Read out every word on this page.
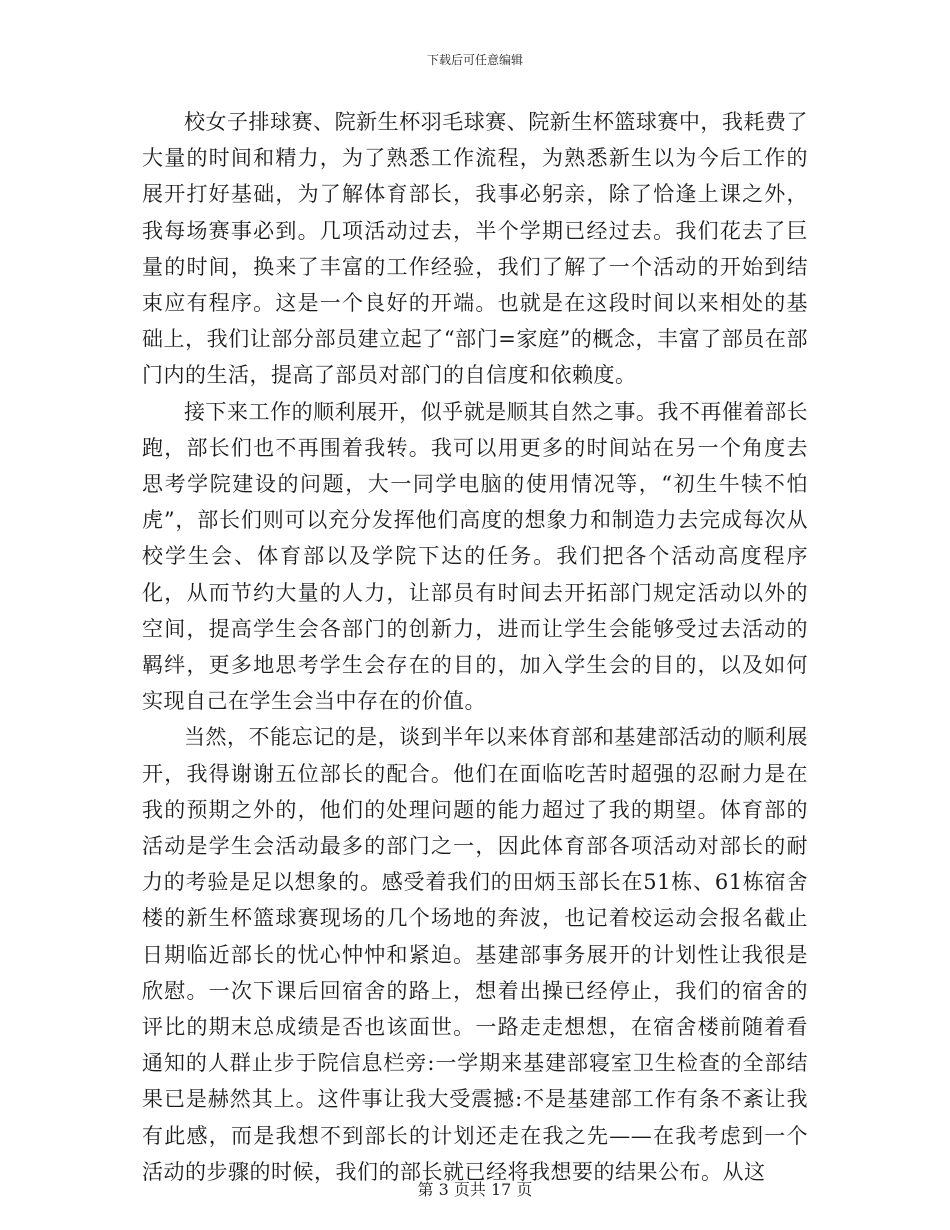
下载后可任意编辑

校女子排球赛、院新生杯羽毛球赛、院新生杯篮球赛中，我耗费了大量的时间和精力，为了熟悉工作流程，为熟悉新生以为今后工作的展开打好基础，为了解体育部长，我事必躬亲，除了恰逢上课之外，我每场赛事必到。几项活动过去，半个学期已经过去。我们花去了巨量的时间，换来了丰富的工作经验，我们了解了一个活动的开始到结束应有程序。这是一个良好的开端。也就是在这段时间以来相处的基础上，我们让部分部员建立起了“部门=家庭”的概念，丰富了部员在部门内的生活，提高了部员对部门的自信度和依赖度。

接下来工作的顺利展开，似乎就是顺其自然之事。我不再催着部长跑，部长们也不再围着我转。我可以用更多的时间站在另一个角度去思考学院建设的问题，大一同学电脑的使用情况等，“初生牛犊不怕虎”，部长们则可以充分发挥他们高度的想象力和制造力去完成每次从校学生会、体育部以及学院下达的任务。我们把各个活动高度程序化，从而节约大量的人力，让部员有时间去开拓部门规定活动以外的空间，提高学生会各部门的创新力，进而让学生会能够受过去活动的羁绊，更多地思考学生会存在的目的，加入学生会的目的，以及如何实现自己在学生会当中存在的价值。

当然，不能忘记的是，谈到半年以来体育部和基建部活动的顺利展开，我得谢谢五位部长的配合。他们在面临吃苦时超强的忍耐力是在我的预期之外的，他们的处理问题的能力超过了我的期望。体育部的活动是学生会活动最多的部门之一，因此体育部各项活动对部长的耐力的考验是足以想象的。感受着我们的田炳玉部长在51栋、61栋宿舍楼的新生杯篮球赛现场的几个场地的奔波，也记着校运动会报名截止日期临近部长的忧心忡忡和紧迫。基建部事务展开的计划性让我很是欣慰。一次下课后回宿舍的路上，想着出操已经停止，我们的宿舍的评比的期末总成绩是否也该面世。一路走走想想，在宿舍楼前随着看通知的人群止步于院信息栏旁:一学期来基建部寝室卫生检查的全部结果已是赫然其上。这件事让我大受震撼:不是基建部工作有条不紊让我有此感，而是我想不到部长的计划还走在我之先——在我考虑到一个活动的步骤的时候，我们的部长就已经将我想要的结果公布。从这

第 3 页共 17 页
